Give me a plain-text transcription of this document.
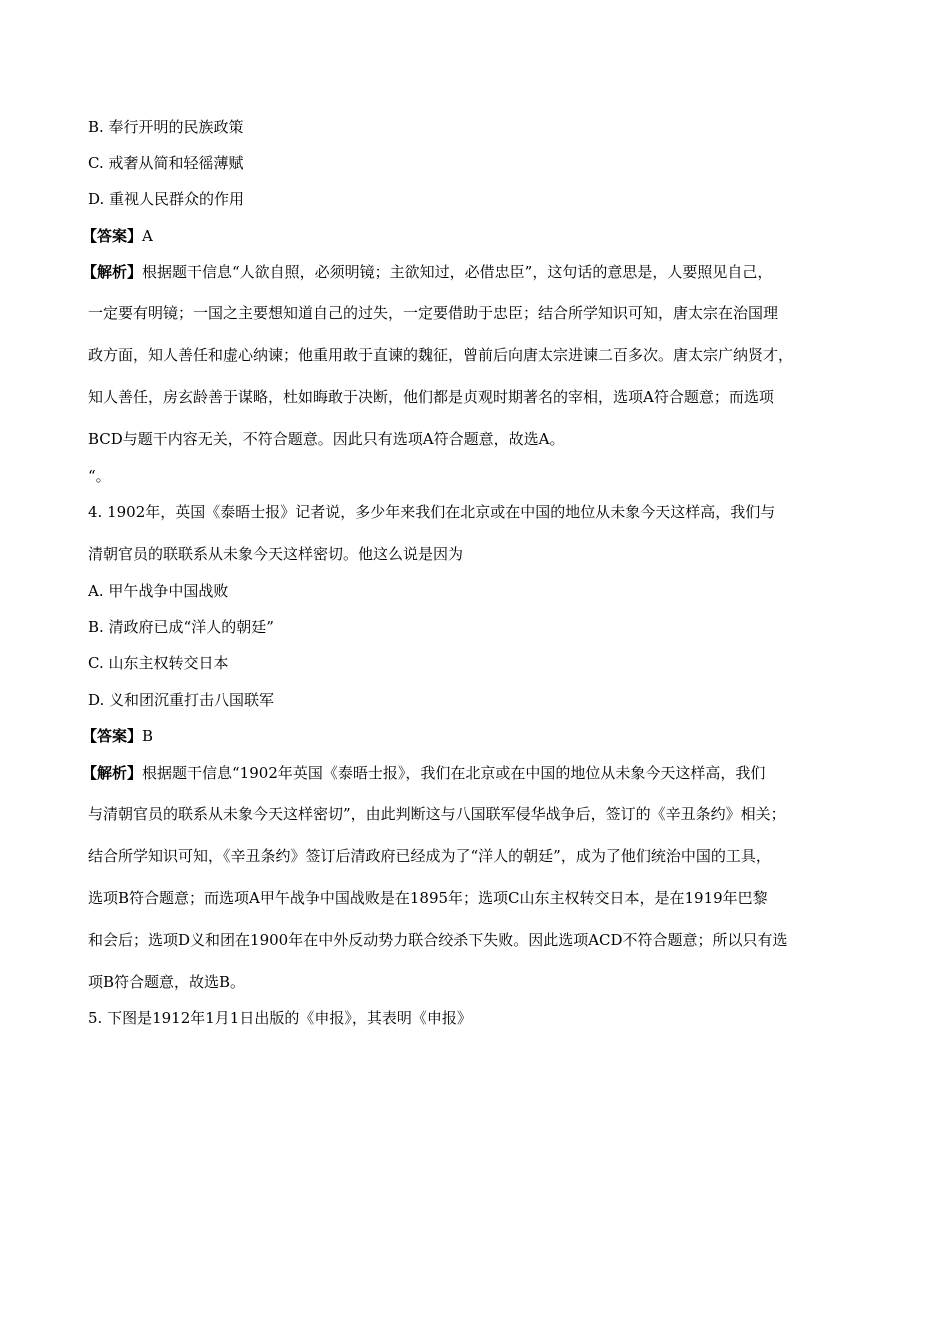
B. 奉行开明的民族政策
C. 戒奢从简和轻徭薄赋
D. 重视人民群众的作用
【答案】A
【解析】根据题干信息“人欲自照，必须明镜；主欲知过，必借忠臣”，这句话的意思是，人要照见自己，
一定要有明镜；一国之主要想知道自己的过失，一定要借助于忠臣；结合所学知识可知，唐太宗在治国理
政方面，知人善任和虚心纳谏；他重用敢于直谏的魏征，曾前后向唐太宗进谏二百多次。唐太宗广纳贤才，
知人善任，房玄龄善于谋略，杜如晦敢于决断，他们都是贞观时期著名的宰相，选项A符合题意；而选项
BCD与题干内容无关，不符合题意。因此只有选项A符合题意，故选A。
“。
4. 1902年，英国《泰晤士报》记者说，多少年来我们在北京或在中国的地位从未象今天这样高，我们与
清朝官员的联联系从未象今天这样密切。他这么说是因为
A. 甲午战争中国战败
B. 清政府已成“洋人的朝廷”
C. 山东主权转交日本
D. 义和团沉重打击八国联军
【答案】B
【解析】根据题干信息“1902年英国《泰晤士报》，我们在北京或在中国的地位从未象今天这样高，我们
与清朝官员的联系从未象今天这样密切”，由此判断这与八国联军侵华战争后，签订的《辛丑条约》相关；
结合所学知识可知，《辛丑条约》签订后清政府已经成为了“洋人的朝廷”，成为了他们统治中国的工具，
选项B符合题意；而选项A甲午战争中国战败是在1895年；选项C山东主权转交日本，是在1919年巴黎
和会后；选项D义和团在1900年在中外反动势力联合绞杀下失败。因此选项ACD不符合题意；所以只有选
项B符合题意，故选B。
5. 下图是1912年1月1日出版的《申报》，其表明《申报》
